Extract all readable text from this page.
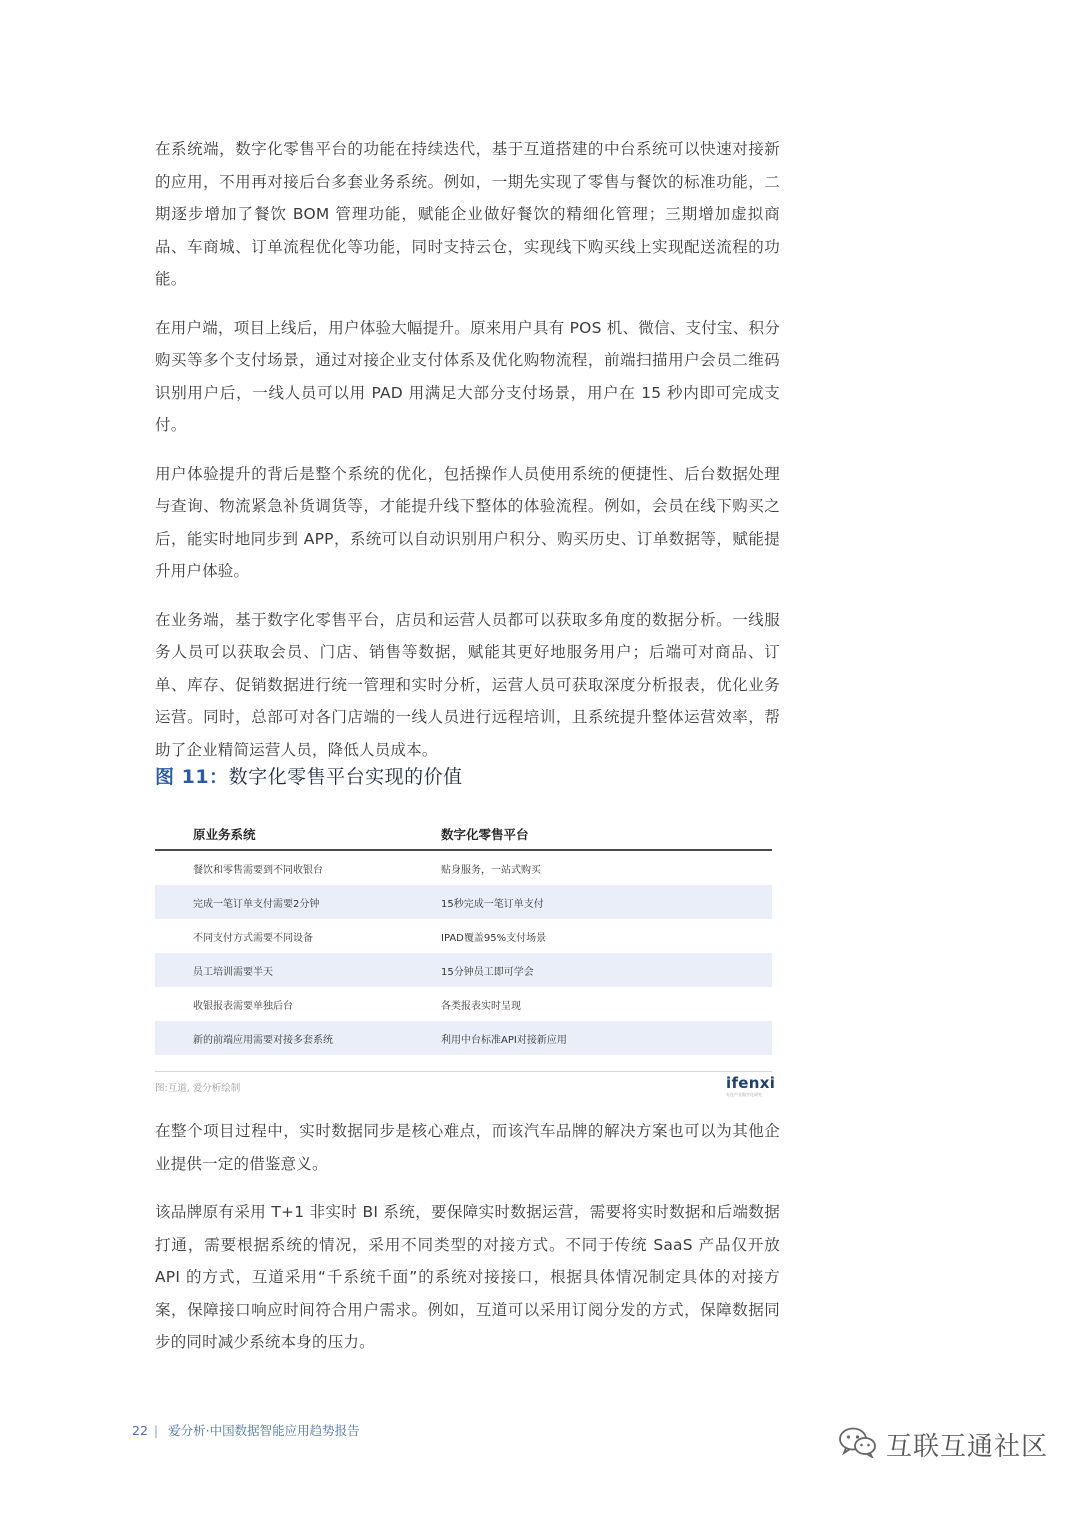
在系统端，数字化零售平台的功能在持续迭代，基于互道搭建的中台系统可以快速对接新的应用，不用再对接后台多套业务系统。例如，一期先实现了零售与餐饮的标准功能，二期逐步增加了餐饮 BOM 管理功能，赋能企业做好餐饮的精细化管理；三期增加虚拟商品、车商城、订单流程优化等功能，同时支持云仓，实现线下购买线上实现配送流程的功能。

在用户端，项目上线后，用户体验大幅提升。原来用户具有 POS 机、微信、支付宝、积分购买等多个支付场景，通过对接企业支付体系及优化购物流程，前端扫描用户会员二维码识别用户后，一线人员可以用 PAD 用满足大部分支付场景，用户在 15 秒内即可完成支付。

用户体验提升的背后是整个系统的优化，包括操作人员使用系统的便捷性、后台数据处理与查询、物流紧急补货调货等，才能提升线下整体的体验流程。例如，会员在线下购买之后，能实时地同步到 APP，系统可以自动识别用户积分、购买历史、订单数据等，赋能提升用户体验。

在业务端，基于数字化零售平台，店员和运营人员都可以获取多角度的数据分析。一线服务人员可以获取会员、门店、销售等数据，赋能其更好地服务用户；后端可对商品、订单、库存、促销数据进行统一管理和实时分析，运营人员可获取深度分析报表，优化业务运营。同时，总部可对各门店端的一线人员进行远程培训，且系统提升整体运营效率，帮助了企业精简运营人员，降低人员成本。

图 11：数字化零售平台实现的价值
原业务系统	数字化零售平台
餐饮和零售需要到不同收银台	贴身服务，一站式购买
完成一笔订单支付需要2分钟	15秒完成一笔订单支付
不同支付方式需要不同设备	IPAD覆盖95%支付场景
员工培训需要半天	15分钟员工即可学会
收银报表需要单独后台	各类报表实时呈现
新的前端应用需要对接多套系统	利用中台标准API对接新应用
图:互道, 爱分析绘制	ifenxi
专注产业数字化研究

在整个项目过程中，实时数据同步是核心难点，而该汽车品牌的解决方案也可以为其他企业提供一定的借鉴意义。

该品牌原有采用 T+1 非实时 BI 系统，要保障实时数据运营，需要将实时数据和后端数据打通，需要根据系统的情况，采用不同类型的对接方式。不同于传统 SaaS 产品仅开放 API 的方式，互道采用“千系统千面”的系统对接接口，根据具体情况制定具体的对接方案，保障接口响应时间符合用户需求。例如，互道可以采用订阅分发的方式，保障数据同步的同时减少系统本身的压力。

22 | 爱分析·中国数据智能应用趋势报告
互联互通社区
